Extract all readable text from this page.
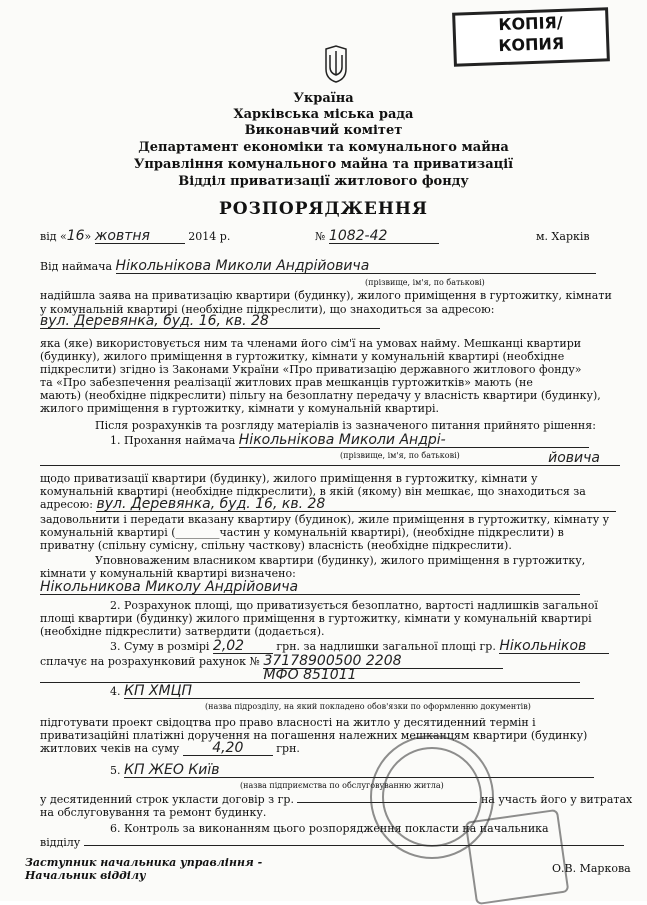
КОПІЯ/
КОПИЯ
Україна
Харківська міська рада
Виконавчий комітет
Департамент економіки та комунального майна
Управління комунального майна та приватизації
Відділ приватизації житлового фонду
РОЗПОРЯДЖЕННЯ
від «16» жовтня	2014 р.	№ 1082-42	м. Харків
Від наймача Нікольнікова Миколи Андрійовича
(прізвище, ім'я, по батькові)
надійшла заява на приватизацію квартири (будинку), жилого приміщення в гуртожитку, кімнати
у комунальній квартирі (необхідне підкреслити), що знаходиться за адресою:
вул. Деревянка, буд. 16, кв. 28
яка (яке) використовується ним та членами його сім'ї на умовах найму. Мешканці квартири
(будинку), жилого приміщення в гуртожитку, кімнати у комунальній квартирі (необхідне
підкреслити) згідно із Законами України «Про приватизацію державного житлового фонду»
та «Про забезпечення реалізації житлових прав мешканців гуртожитків» мають (не
мають) (необхідне підкреслити) пільгу на безоплатну передачу у власність квартири (будинку),
жилого приміщення в гуртожитку, кімнати у комунальній квартирі.
Після розрахунків та розгляду матеріалів із зазначеного питання прийнято рішення:
1. Прохання наймача Нікольнікова Миколи Андрі-
(прізвище, ім'я, по батькові)	йовича
щодо приватизації квартири (будинку), жилого приміщення в гуртожитку, кімнати у
комунальній квартирі (необхідне підкреслити), в якій (якому) він мешкає, що знаходиться за
адресою: вул. Деревянка, буд. 16, кв. 28
задовольнити і передати вказану квартиру (будинок), жиле приміщення в гуртожитку, кімнату у
комунальній квартирі (________частин у комунальній квартирі), (необхідне підкреслити) в
приватну (спільну сумісну, спільну часткову) власність (необхідне підкреслити).
Уповноваженим власником квартири (будинку), жилого приміщення в гуртожитку,
кімнати у комунальній квартирі визначено:
Нікольникова Миколу Андрійовича
2. Розрахунок площі, що приватизується безоплатно, вартості надлишків загальної
площі квартири (будинку) жилого приміщення в гуртожитку, кімнати у комунальній квартирі
(необхідне підкреслити) затвердити (додається).
3. Суму в розмірі 2,02	грн. за надлишки загальної площі гр. Нікольніков
сплачує на розрахунковий рахунок № 37178900500 2208
МФО 851011
4. КП ХМЦП
(назва підрозділу, на який покладено обов'язки по оформленню документів)
підготувати проект свідоцтва про право власності на житло у десятиденний термін і
приватизаційні платіжні доручення на погашення належних мешканцям квартири (будинку)
житлових чеків на суму 4,20	грн.
5. КП ЖЕО Київ
(назва підприємства по обслуговуванню житла)
у десятиденний строк укласти договір з гр.	на участь його у витратах
на обслуговування та ремонт будинку.
6. Контроль за виконанням цього розпорядження покласти на начальника
відділу
Заступник начальника управління -
Начальник відділу
О.В. Маркова
